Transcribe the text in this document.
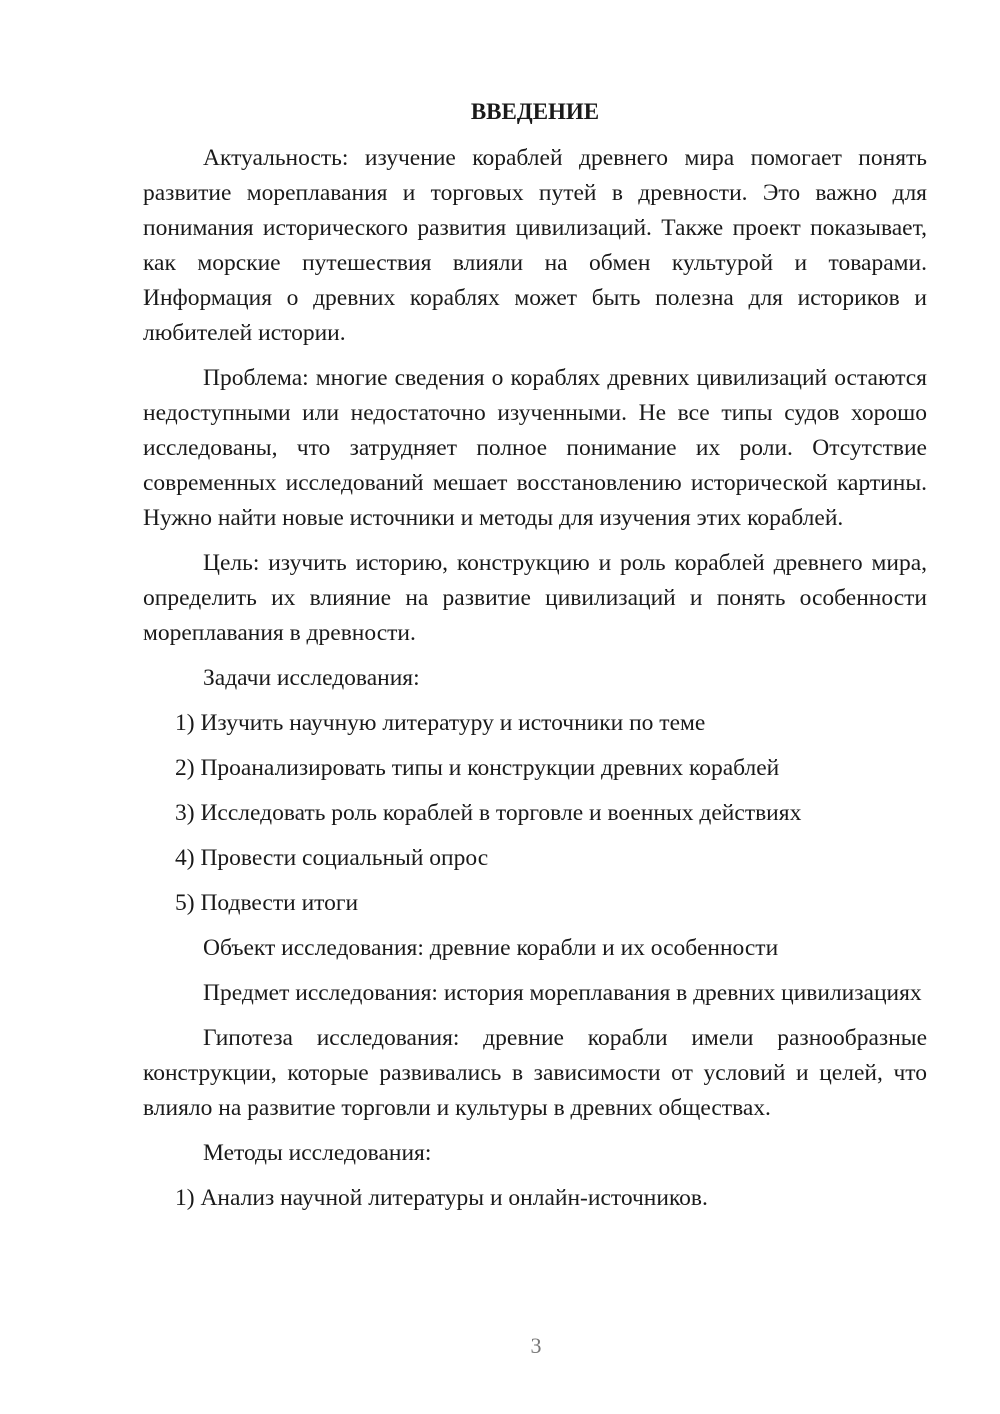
ВВЕДЕНИЕ

Актуальность: изучение кораблей древнего мира помогает понять развитие мореплавания и торговых путей в древности. Это важно для понимания исторического развития цивилизаций. Также проект показывает, как морские путешествия влияли на обмен культурой и товарами. Информация о древних кораблях может быть полезна для историков и любителей истории.

Проблема: многие сведения о кораблях древних цивилизаций остаются недоступными или недостаточно изученными. Не все типы судов хорошо исследованы, что затрудняет полное понимание их роли. Отсутствие современных исследований мешает восстановлению исторической картины. Нужно найти новые источники и методы для изучения этих кораблей.

Цель: изучить историю, конструкцию и роль кораблей древнего мира, определить их влияние на развитие цивилизаций и понять особенности мореплавания в древности.

Задачи исследования:

1) Изучить научную литературу и источники по теме
2) Проанализировать типы и конструкции древних кораблей
3) Исследовать роль кораблей в торговле и военных действиях
4) Провести социальный опрос
5) Подвести итоги

Объект исследования: древние корабли и их особенности

Предмет исследования: история мореплавания в древних цивилизациях

Гипотеза исследования: древние корабли имели разнообразные конструкции, которые развивались в зависимости от условий и целей, что влияло на развитие торговли и культуры в древних обществах.

Методы исследования:

1) Анализ научной литературы и онлайн-источников.
3
